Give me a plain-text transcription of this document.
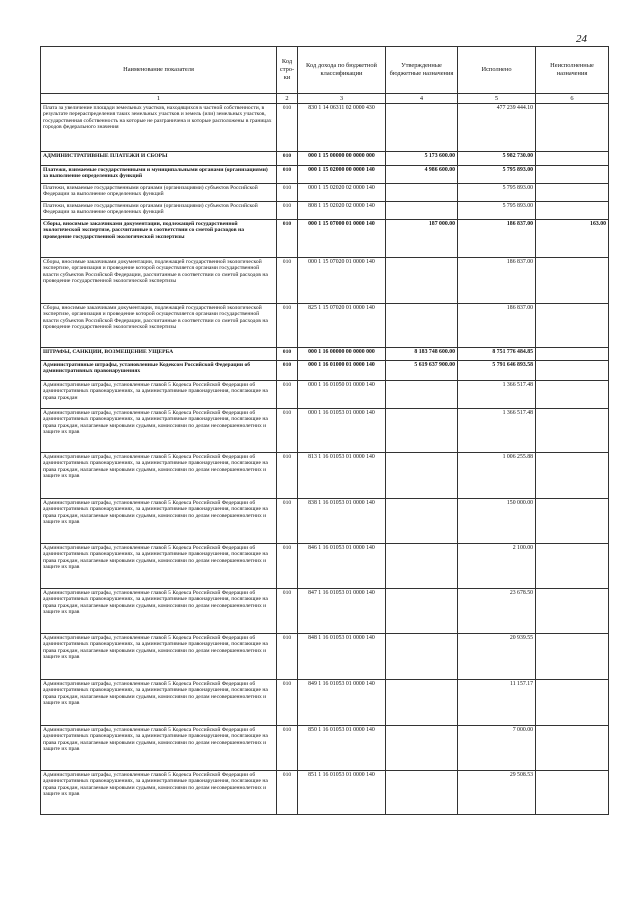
24
Наименование показателя	Код стро-ки	Код дохода по бюджетной классификации	Утвержденные бюджетные назначения	Исполнено	Неисполненные назначения
1	2	3	4	5	6
Плата за увеличение площади земельных участков, находящихся в частной собственности, в результате перераспределения таких земельных участков и земель (или) земельных участков, государственная собственность на которые не разграничена и которые расположены в границах городов федерального значения	010	830 1 14 06311 02 0000 430		477 239 444.10	
АДМИНИСТРАТИВНЫЕ ПЛАТЕЖИ И СБОРЫ	010	000 1 15 00000 00 0000 000	5 173 600.00	5 982 730.00	
Платежи, взимаемые государственными и муниципальными органами (организациями) за выполнение определенных функций	010	000 1 15 02000 00 0000 140	4 986 600.00	5 795 893.00	
Платежи, взимаемые государственными органами (организациями) субъектов Российской Федерации за выполнение определенных функций	010	000 1 15 02020 02 0000 140		5 795 893.00	
Платежи, взимаемые государственными органами (организациями) субъектов Российской Федерации за выполнение определенных функций	010	808 1 15 02020 02 0000 140		5 795 893.00	
Сборы, вносимые заказчиками документации, подлежащей государственной экологической экспертизе, рассчитанные в соответствии со сметой расходов на проведение государственной экологической экспертизы	010	000 1 15 07000 01 0000 140	187 000.00	186 837.00	163.00
Сборы, вносимые заказчиками документации, подлежащей государственной экологической экспертизе, организация и проведение которой осуществляется органами государственной власти субъектов Российской Федерации, рассчитанные в соответствии со сметой расходов на проведение государственной экологической экспертизы	010	000 1 15 07020 01 0000 140		186 837.00	
Сборы, вносимые заказчиками документации, подлежащей государственной экологической экспертизе, организация и проведение которой осуществляется органами государственной власти субъектов Российской Федерации, рассчитанные в соответствии со сметой расходов на проведение государственной экологической экспертизы	010	825 1 15 07020 01 0000 140		186 837.00	
ШТРАФЫ, САНКЦИИ, ВОЗМЕЩЕНИЕ УЩЕРБА	010	000 1 16 00000 00 0000 000	8 183 748 600.00	8 751 776 484.85	
Административные штрафы, установленные Кодексом Российской Федерации об административных правонарушениях	010	000 1 16 01000 01 0000 140	5 619 637 900.00	5 791 646 893.58	
Административные штрафы, установленные главой 5 Кодекса Российской Федерации об административных правонарушениях, за административные правонарушения, посягающие на права граждан	010	000 1 16 01050 01 0000 140		1 366 517.48	
Административные штрафы, установленные главой 5 Кодекса Российской Федерации об административных правонарушениях, за административные правонарушения, посягающие на права граждан, налагаемые мировыми судьями, комиссиями по делам несовершеннолетних и защите их прав	010	000 1 16 01053 01 0000 140		1 366 517.48	
Административные штрафы, установленные главой 5 Кодекса Российской Федерации об административных правонарушениях, за административные правонарушения, посягающие на права граждан, налагаемые мировыми судьями, комиссиями по делам несовершеннолетних и защите их прав	010	813 1 16 01053 01 0000 140		1 006 255.88	
Административные штрафы, установленные главой 5 Кодекса Российской Федерации об административных правонарушениях, за административные правонарушения, посягающие на права граждан, налагаемые мировыми судьями, комиссиями по делам несовершеннолетних и защите их прав	010	838 1 16 01053 01 0000 140		150 000.00	
Административные штрафы, установленные главой 5 Кодекса Российской Федерации об административных правонарушениях, за административные правонарушения, посягающие на права граждан, налагаемые мировыми судьями, комиссиями по делам несовершеннолетних и защите их прав	010	846 1 16 01053 01 0000 140		2 100.00	
Административные штрафы, установленные главой 5 Кодекса Российской Федерации об административных правонарушениях, за административные правонарушения, посягающие на права граждан, налагаемые мировыми судьями, комиссиями по делам несовершеннолетних и защите их прав	010	847 1 16 01053 01 0000 140		23 678.50	
Административные штрафы, установленные главой 5 Кодекса Российской Федерации об административных правонарушениях, за административные правонарушения, посягающие на права граждан, налагаемые мировыми судьями, комиссиями по делам несовершеннолетних и защите их прав	010	848 1 16 01053 01 0000 140		20 939.55	
Административные штрафы, установленные главой 5 Кодекса Российской Федерации об административных правонарушениях, за административные правонарушения, посягающие на права граждан, налагаемые мировыми судьями, комиссиями по делам несовершеннолетних и защите их прав	010	849 1 16 01053 01 0000 140		11 157.17	
Административные штрафы, установленные главой 5 Кодекса Российской Федерации об административных правонарушениях, за административные правонарушения, посягающие на права граждан, налагаемые мировыми судьями, комиссиями по делам несовершеннолетних и защите их прав	010	850 1 16 01053 01 0000 140		7 000.00	
Административные штрафы, установленные главой 5 Кодекса Российской Федерации об административных правонарушениях, за административные правонарушения, посягающие на права граждан, налагаемые мировыми судьями, комиссиями по делам несовершеннолетних и защите их прав	010	851 1 16 01053 01 0000 140		29 508.53	
